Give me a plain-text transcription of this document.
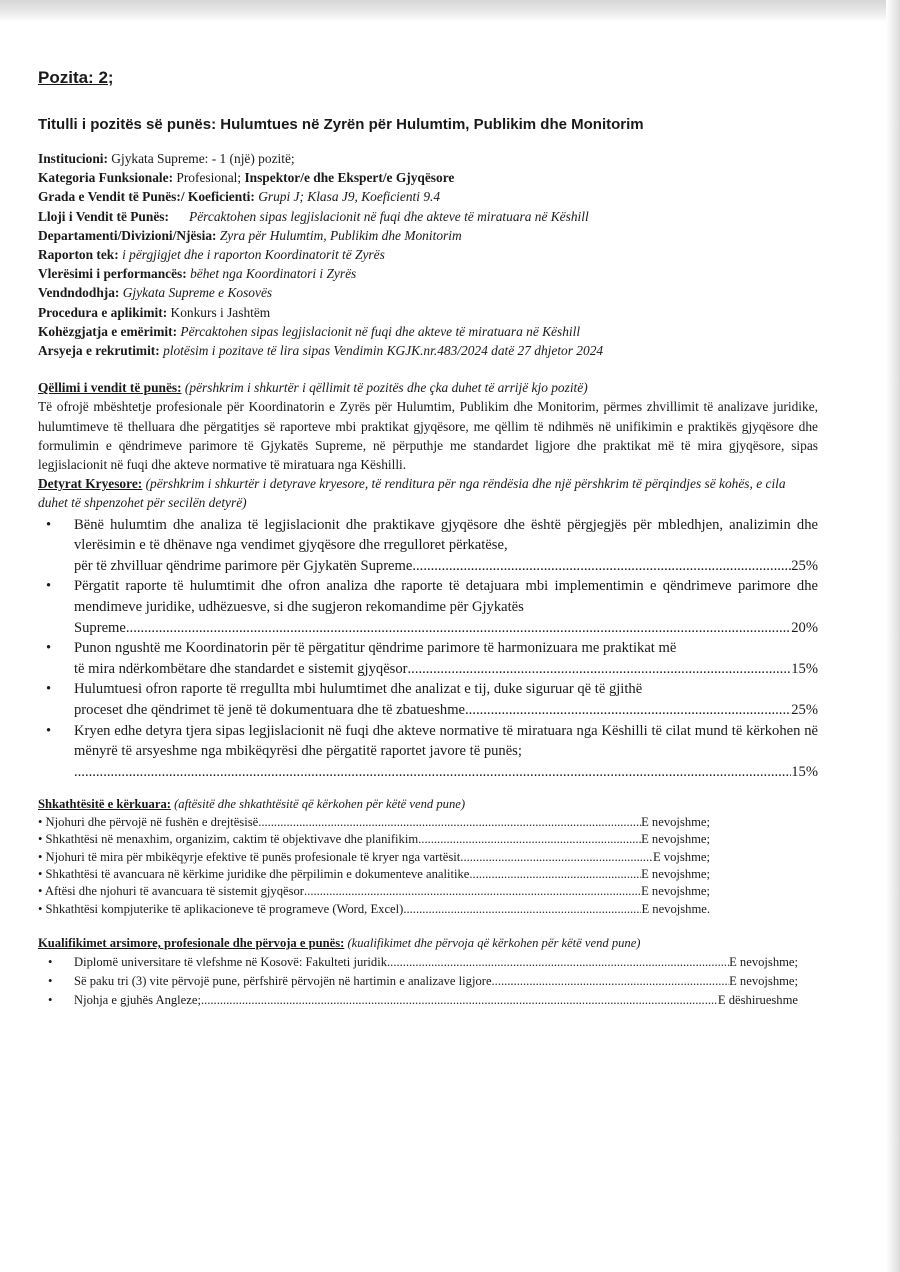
Pozita: 2;
Titulli i pozitës së punës: Hulumtues në Zyrën për Hulumtim, Publikim dhe Monitorim
Institucioni: Gjykata Supreme: - 1 (një) pozitë;
Kategoria Funksionale: Profesional; Inspektor/e dhe Ekspert/e Gjyqësore
Grada e Vendit të Punës:/ Koeficienti: Grupi J; Klasa J9, Koeficienti 9.4
Lloji i Vendit të Punës:      Përcaktohen sipas legjislacionit në fuqi dhe akteve të miratuara në Këshill
Departamenti/Divizioni/Njësia: Zyra për Hulumtim, Publikim dhe Monitorim
Raporton tek: i përgjigjet dhe i raporton Koordinatorit të Zyrës
Vlerësimi i performancës: bëhet nga Koordinatori i Zyrës
Vendndodhja: Gjykata Supreme e Kosovës
Procedura e aplikimit: Konkurs i Jashtëm
Kohëzgjatja e emërimit: Përcaktohen sipas legjislacionit në fuqi dhe akteve të miratuara në Këshill
Arsyeja e rekrutimit: plotësim i pozitave të lira sipas Vendimin KGJK.nr.483/2024 datë 27 dhjetor 2024
Qëllimi i vendit të punës: (përshkrim i shkurtër i qëllimit të pozitës dhe çka duhet të arrijë kjo pozitë)
Të ofrojë mbështetje profesionale për Koordinatorin e Zyrës për Hulumtim, Publikim dhe Monitorim, përmes zhvillimit të analizave juridike, hulumtimeve të thelluara dhe përgatitjes së raporteve mbi praktikat gjyqësore, me qëllim të ndihmës në unifikimin e praktikës gjyqësore dhe formulimin e qëndrimeve parimore të Gjykatës Supreme, në përputhje me standardet ligjore dhe praktikat më të mira gjyqësore, sipas legjislacionit në fuqi dhe akteve normative të miratuara nga Këshilli.
Detyrat Kryesore: (përshkrim i shkurtër i detyrave kryesore, të renditura për nga rëndësia dhe një përshkrim të përqindjes së kohës, e cila duhet të shpenzohet për secilën detyrë)
• Bënë hulumtim dhe analiza të legjislacionit dhe praktikave gjyqësore dhe është përgjegjës për mbledhjen, analizimin dhe vlerësimin e të dhënave nga vendimet gjyqësore dhe rregulloret përkatëse,
për të zhvilluar qëndrime parimore për Gjykatën Supreme .....	25%
• Përgatit raporte të hulumtimit dhe ofron analiza dhe raporte të detajuara mbi implementimin e qëndrimeve parimore dhe mendimeve juridike, udhëzuesve, si dhe sugjeron rekomandime për Gjykatës
Supreme .....	20%
• Punon ngushtë me Koordinatorin për të përgatitur qëndrime parimore të harmonizuara me praktikat më
të mira ndërkombëtare dhe standardet e sistemit gjyqësor .....	15%
• Hulumtuesi ofron raporte të rregullta mbi hulumtimet dhe analizat e tij, duke siguruar që të gjithë
proceset dhe qëndrimet të jenë të dokumentuara dhe të zbatueshme .....	25%
• Kryen edhe detyra tjera sipas legjislacionit në fuqi dhe akteve normative të miratuara nga Këshilli të cilat mund të kërkohen në mënyrë të arsyeshme nga mbikëqyrësi dhe përgatitë raportet javore të punës;
.....
15%
Shkathtësitë e kërkuara: (aftësitë dhe shkathtësitë që kërkohen për këtë vend pune)
• Njohuri dhe përvojë në fushën e drejtësisë .....	E nevojshme;
• Shkathtësi në menaxhim, organizim, caktim të objektivave dhe planifikim .....	E nevojshme;
• Njohuri të mira për mbikëqyrje efektive të punës profesionale të kryer nga vartësit .....	E vojshme;
• Shkathtësi të avancuara në kërkime juridike dhe përpilimin e dokumenteve analitike .....	E nevojshme;
• Aftësi dhe njohuri të avancuara të sistemit gjyqësor .....	E nevojshme;
• Shkathtësi kompjuterike të aplikacioneve të programeve (Word, Excel) .....	E nevojshme.
Kualifikimet arsimore, profesionale dhe përvoja e punës: (kualifikimet dhe përvoja që kërkohen për këtë vend pune)
• Diplomë universitare të vlefshme në Kosovë: Fakulteti juridik .....	E nevojshme;
• Së paku tri (3) vite përvojë pune, përfshirë përvojën në hartimin e analizave ligjore .....	E nevojshme;
• Njohja e gjuhës Angleze; .....	E dëshirueshme
